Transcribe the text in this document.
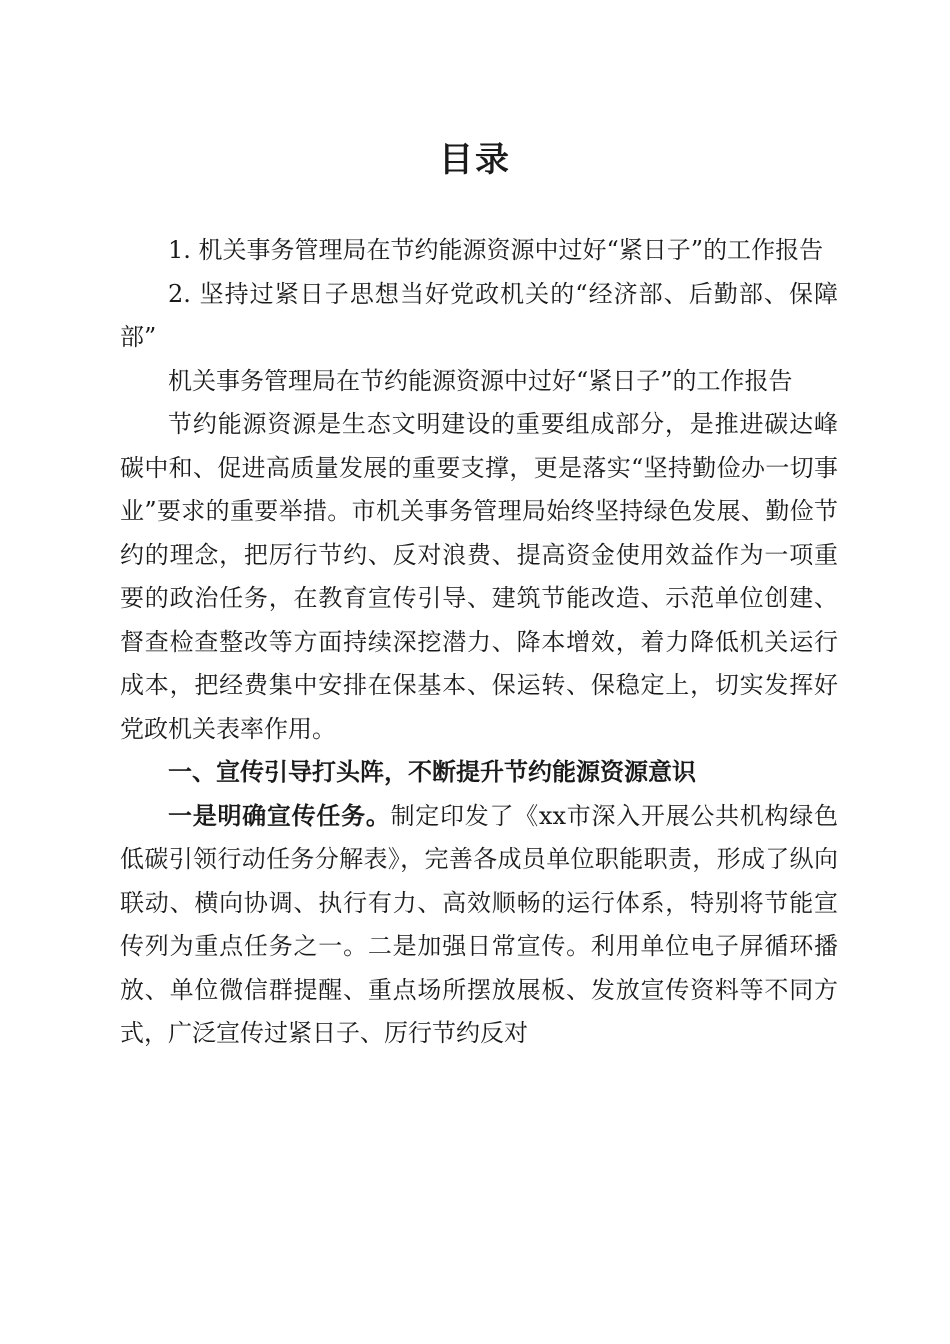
目录

1. 机关事务管理局在节约能源资源中过好“紧日子”的工作报告

2. 坚持过紧日子思想当好党政机关的“经济部、后勤部、保障部”

机关事务管理局在节约能源资源中过好“紧日子”的工作报告

节约能源资源是生态文明建设的重要组成部分，是推进碳达峰碳中和、促进高质量发展的重要支撑，更是落实“坚持勤俭办一切事业”要求的重要举措。市机关事务管理局始终坚持绿色发展、勤俭节约的理念，把厉行节约、反对浪费、提高资金使用效益作为一项重要的政治任务，在教育宣传引导、建筑节能改造、示范单位创建、督查检查整改等方面持续深挖潜力、降本增效，着力降低机关运行成本，把经费集中安排在保基本、保运转、保稳定上，切实发挥好党政机关表率作用。

一、宣传引导打头阵，不断提升节约能源资源意识

一是明确宣传任务。制定印发了《xx市深入开展公共机构绿色低碳引领行动任务分解表》，完善各成员单位职能职责，形成了纵向联动、横向协调、执行有力、高效顺畅的运行体系，特别将节能宣传列为重点任务之一。二是加强日常宣传。利用单位电子屏循环播放、单位微信群提醒、重点场所摆放展板、发放宣传资料等不同方式，广泛宣传过紧日子、厉行节约反对
